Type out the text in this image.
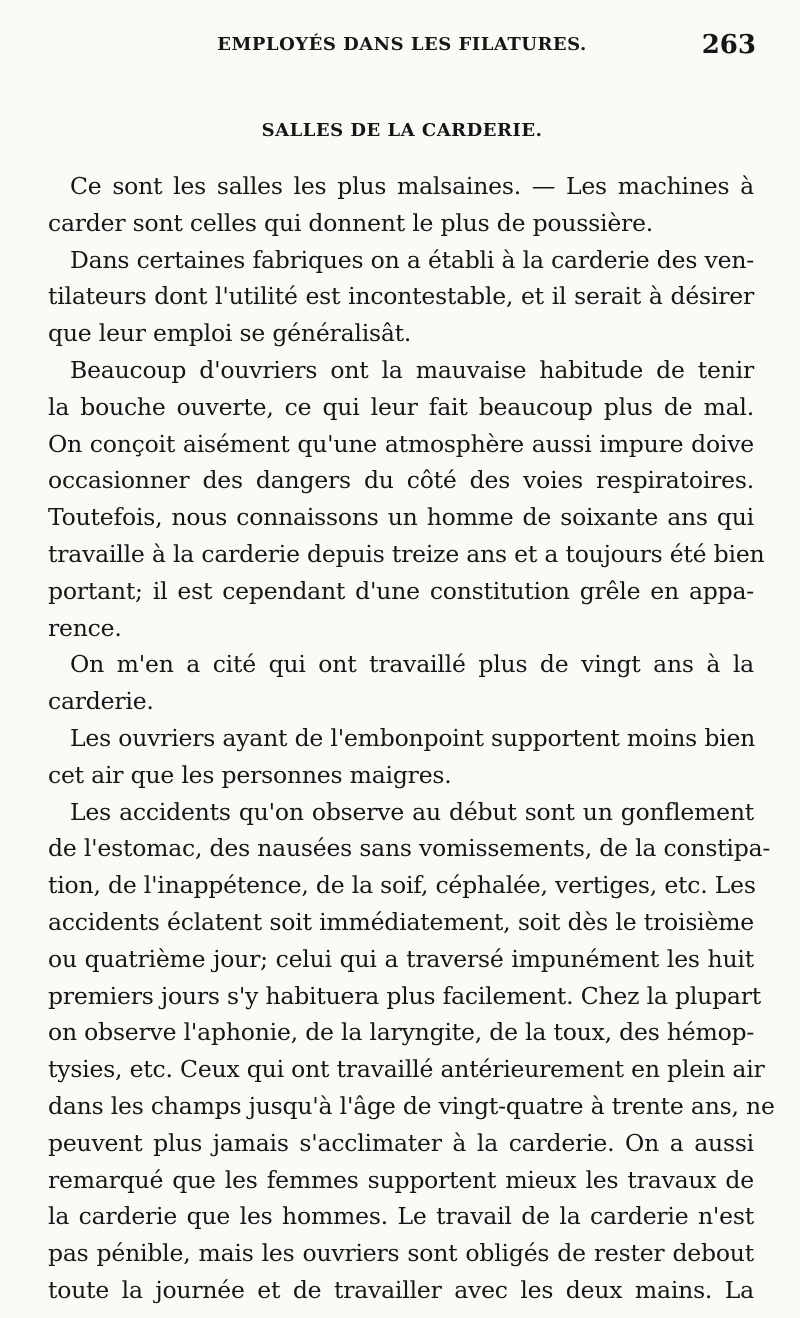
EMPLOYÉS DANS LES FILATURES.	263
SALLES DE LA CARDERIE.
Ce sont les salles les plus malsaines. — Les machines à
carder sont celles qui donnent le plus de poussière.
Dans certaines fabriques on a établi à la carderie des ven-
tilateurs dont l'utilité est incontestable, et il serait à désirer
que leur emploi se généralisât.
Beaucoup d'ouvriers ont la mauvaise habitude de tenir
la bouche ouverte, ce qui leur fait beaucoup plus de mal.
On conçoit aisément qu'une atmosphère aussi impure doive
occasionner des dangers du côté des voies respiratoires.
Toutefois, nous connaissons un homme de soixante ans qui
travaille à la carderie depuis treize ans et a toujours été bien
portant; il est cependant d'une constitution grêle en appa-
rence.
On m'en a cité qui ont travaillé plus de vingt ans à la
carderie.
Les ouvriers ayant de l'embonpoint supportent moins bien
cet air que les personnes maigres.
Les accidents qu'on observe au début sont un gonflement
de l'estomac, des nausées sans vomissements, de la constipa-
tion, de l'inappétence, de la soif, céphalée, vertiges, etc. Les
accidents éclatent soit immédiatement, soit dès le troisième
ou quatrième jour; celui qui a traversé impunément les huit
premiers jours s'y habituera plus facilement. Chez la plupart
on observe l'aphonie, de la laryngite, de la toux, des hémop-
tysies, etc. Ceux qui ont travaillé antérieurement en plein air
dans les champs jusqu'à l'âge de vingt-quatre à trente ans, ne
peuvent plus jamais s'acclimater à la carderie. On a aussi
remarqué que les femmes supportent mieux les travaux de
la carderie que les hommes. Le travail de la carderie n'est
pas pénible, mais les ouvriers sont obligés de rester debout
toute la journée et de travailler avec les deux mains. La
